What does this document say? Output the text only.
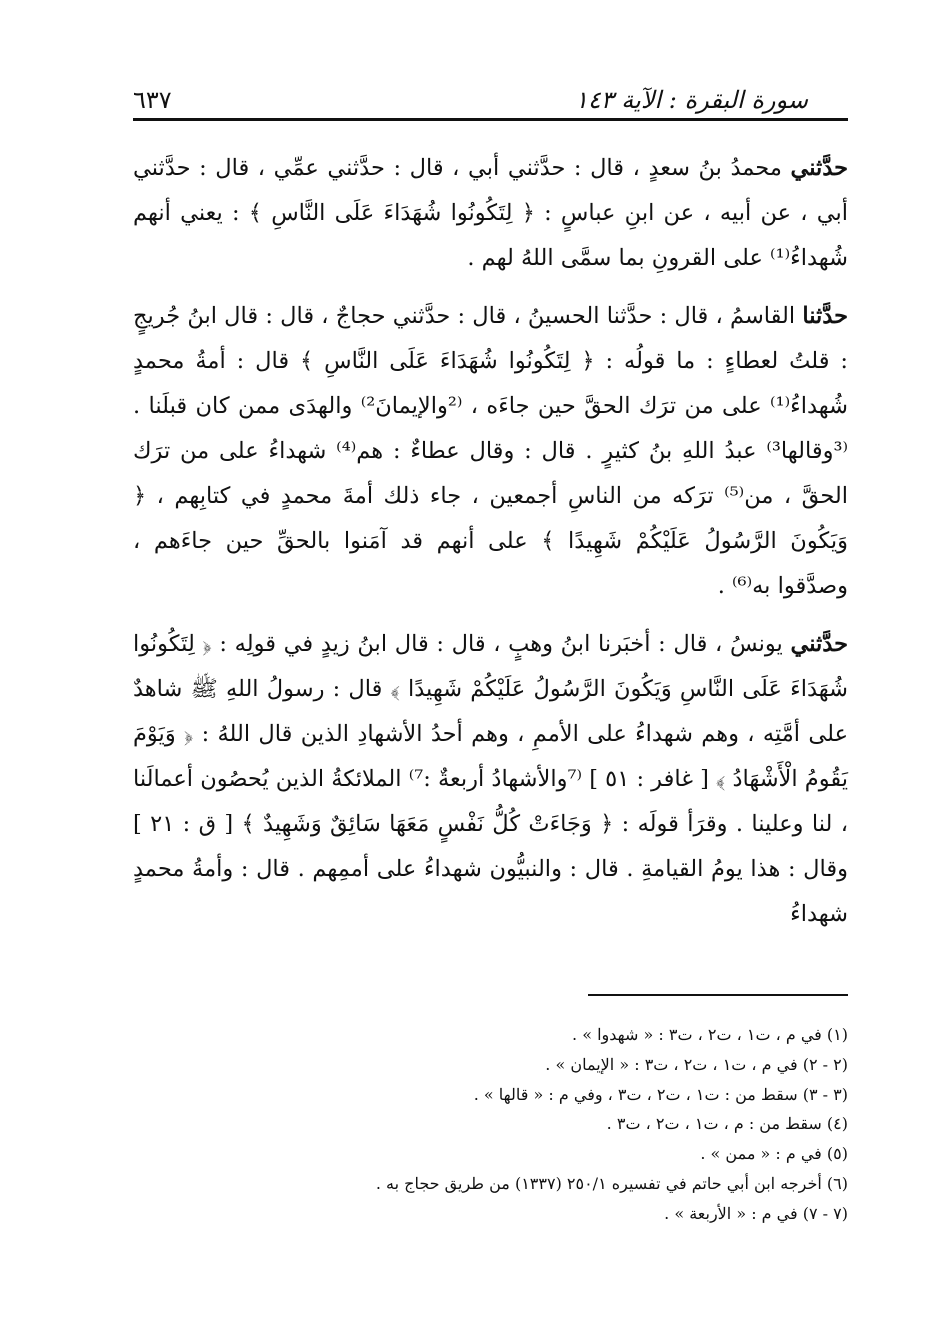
سورة البقرة : الآية ١٤٣
٦٣٧

حدَّثني محمدُ بنُ سعدٍ ، قال : حدَّثني أبي ، قال : حدَّثني عمِّي ، قال : حدَّثني أبي ، عن أبيه ، عن ابنِ عباسٍ : ﴿ لِتَكُونُوا شُهَدَاءَ عَلَى النَّاسِ ﴾ : يعني أنهم شُهداءُ⁽¹⁾ على القرونِ بما سمَّى اللهُ لهم .

حدَّثنا القاسمُ ، قال : حدَّثنا الحسينُ ، قال : حدَّثني حجاجٌ ، قال : قال ابنُ جُريجٍ : قلتُ لعطاءٍ : ما قولُه : ﴿ لِتَكُونُوا شُهَدَاءَ عَلَى النَّاسِ ﴾ قال : أمةُ محمدٍ شُهداءُ⁽¹⁾ على من ترَك الحقَّ حين جاءَه ، ⁽²والإيمانَ²⁾ والهدَى ممن كان قبلَنا . ⁽³وقالها³⁾ عبدُ اللهِ بنُ كثيرٍ . قال : وقال عطاءٌ : هم⁽⁴⁾ شهداءُ على من ترَك الحقَّ ، من⁽⁵⁾ ترَكه من الناسِ أجمعين ، جاء ذلك أمةَ محمدٍ في كتابِهم ، ﴿ وَيَكُونَ الرَّسُولُ عَلَيْكُمْ شَهِيدًا ﴾ على أنهم قد آمَنوا بالحقِّ حين جاءَهم ، وصدَّقوا به⁽⁶⁾ .

حدَّثني يونسُ ، قال : أخبَرنا ابنُ وهبٍ ، قال : قال ابنُ زيدٍ في قولِه : ﴿ لِتَكُونُوا شُهَدَاءَ عَلَى النَّاسِ وَيَكُونَ الرَّسُولُ عَلَيْكُمْ شَهِيدًا ﴾ قال : رسولُ اللهِ ﷺ شاهدٌ على أمَّتِه ، وهم شهداءُ على الأممِ ، وهم أحدُ الأشهادِ الذين قال اللهُ : ﴿ وَيَوْمَ يَقُومُ الْأَشْهَادُ ﴾ [ غافر : ٥١ ] ⁽⁷والأشهادُ أربعةٌ :⁷⁾ الملائكةُ الذين يُحصُون أعمالَنا ، لنا وعلينا . وقرَأ قولَه : ﴿ وَجَاءَتْ كُلُّ نَفْسٍ مَعَهَا سَائِقٌ وَشَهِيدٌ ﴾ [ ق : ٢١ ] وقال : هذا يومُ القيامةِ . قال : والنبيُّون شهداءُ على أممِهم . قال : وأمةُ محمدٍ شهداءُ

(١) في م ، ت١ ، ت٢ ، ت٣ : « شهدوا » .
(٢ - ٢) في م ، ت١ ، ت٢ ، ت٣ : « الإيمان » .
(٣ - ٣) سقط من : ت١ ، ت٢ ، ت٣ ، وفي م : « قالها » .
(٤) سقط من : م ، ت١ ، ت٢ ، ت٣ .
(٥) في م : « ممن » .
(٦) أخرجه ابن أبي حاتم في تفسيره ٢٥٠/١ (١٣٣٧) من طريق حجاج به .
(٧ - ٧) في م : « الأربعة » .
